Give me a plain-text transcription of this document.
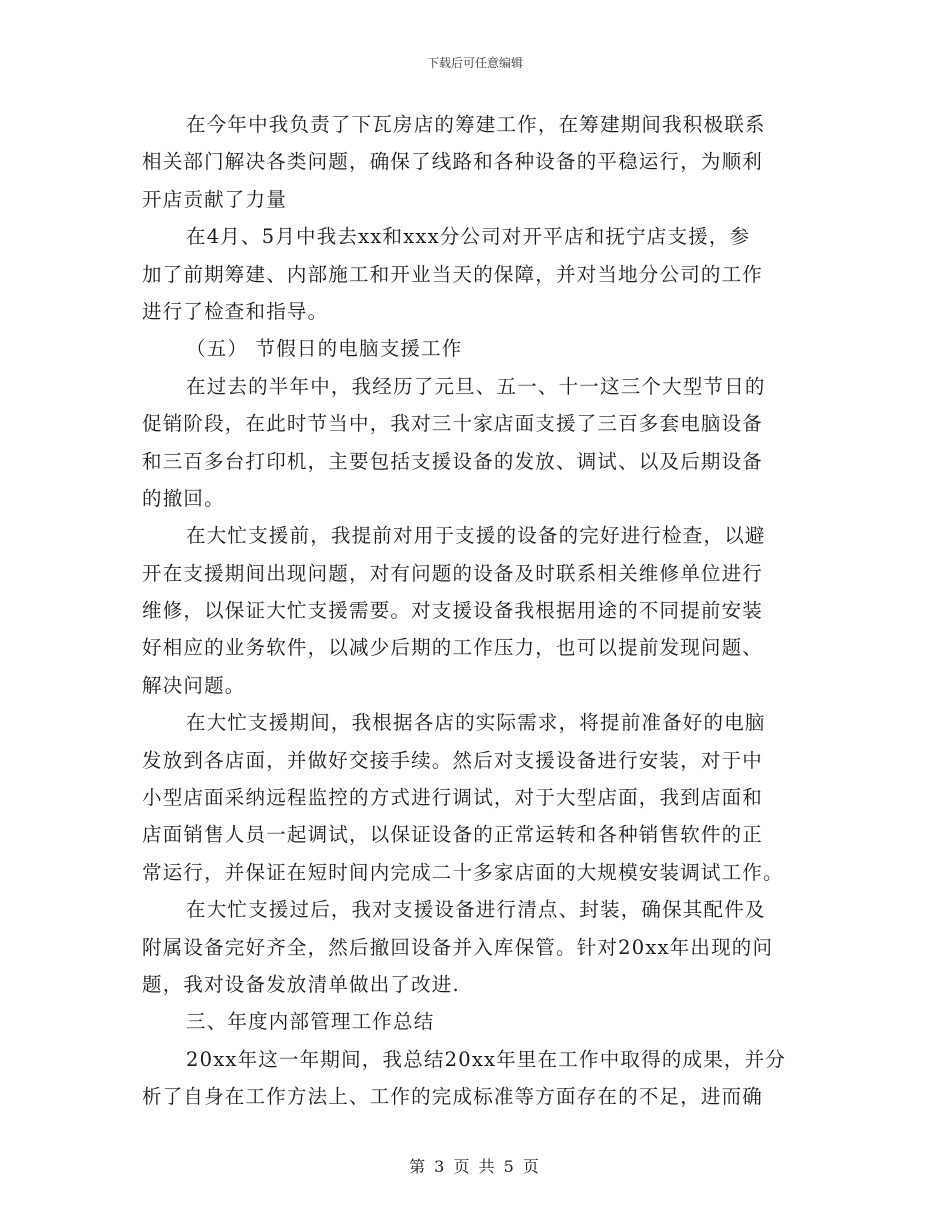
下载后可任意编辑
在今年中我负责了下瓦房店的筹建工作，在筹建期间我积极联系
相关部门解决各类问题，确保了线路和各种设备的平稳运行，为顺利
开店贡献了力量
在4月、5月中我去xx和xxx分公司对开平店和抚宁店支援，参
加了前期筹建、内部施工和开业当天的保障，并对当地分公司的工作
进行了检查和指导。
（五） 节假日的电脑支援工作
在过去的半年中，我经历了元旦、五一、十一这三个大型节日的
促销阶段，在此时节当中，我对三十家店面支援了三百多套电脑设备
和三百多台打印机，主要包括支援设备的发放、调试、以及后期设备
的撤回。
在大忙支援前，我提前对用于支援的设备的完好进行检查，以避
开在支援期间出现问题，对有问题的设备及时联系相关维修单位进行
维修，以保证大忙支援需要。对支援设备我根据用途的不同提前安装
好相应的业务软件，以减少后期的工作压力，也可以提前发现问题、
解决问题。
在大忙支援期间，我根据各店的实际需求，将提前准备好的电脑
发放到各店面，并做好交接手续。然后对支援设备进行安装，对于中
小型店面采纳远程监控的方式进行调试，对于大型店面，我到店面和
店面销售人员一起调试，以保证设备的正常运转和各种销售软件的正
常运行，并保证在短时间内完成二十多家店面的大规模安装调试工作。
在大忙支援过后，我对支援设备进行清点、封装，确保其配件及
附属设备完好齐全，然后撤回设备并入库保管。针对20xx年出现的问
题，我对设备发放清单做出了改进.
三、年度内部管理工作总结
20xx年这一年期间，我总结20xx年里在工作中取得的成果，并分
析了自身在工作方法上、工作的完成标准等方面存在的不足，进而确
第 3 页 共 5 页
